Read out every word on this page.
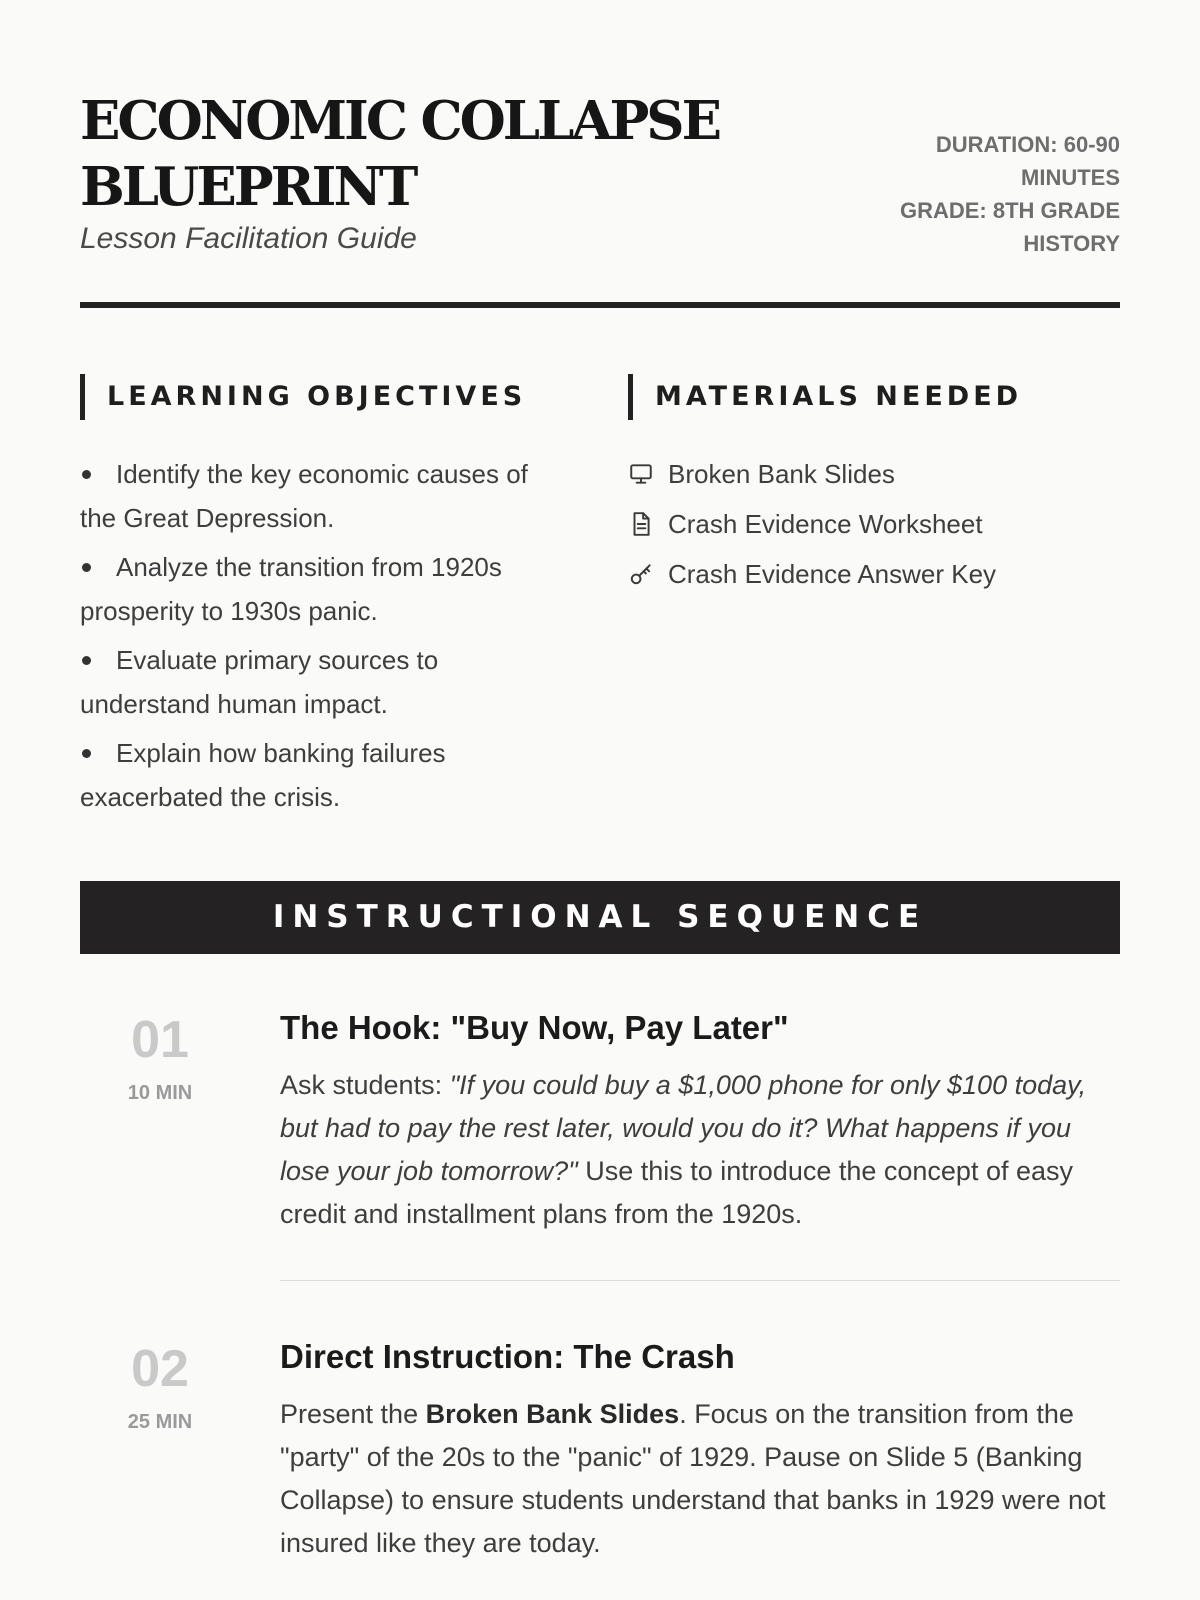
ECONOMIC COLLAPSE
BLUEPRINT
Lesson Facilitation Guide
DURATION: 60-90
MINUTES
GRADE: 8TH GRADE
HISTORY
LEARNING OBJECTIVES
Identify the key economic causes of
the Great Depression.
Analyze the transition from 1920s
prosperity to 1930s panic.
Evaluate primary sources to
understand human impact.
Explain how banking failures
exacerbated the crisis.
MATERIALS NEEDED
Broken Bank Slides
Crash Evidence Worksheet
Crash Evidence Answer Key
INSTRUCTIONAL SEQUENCE
01
10 MIN
The Hook: "Buy Now, Pay Later"

Ask students: "If you could buy a $1,000 phone for only $100 today, but had to pay the rest later, would you do it? What happens if you lose your job tomorrow?" Use this to introduce the concept of easy credit and installment plans from the 1920s.

02
25 MIN
Direct Instruction: The Crash

Present the Broken Bank Slides. Focus on the transition from the "party" of the 20s to the "panic" of 1929. Pause on Slide 5 (Banking Collapse) to ensure students understand that banks in 1929 were not insured like they are today.
